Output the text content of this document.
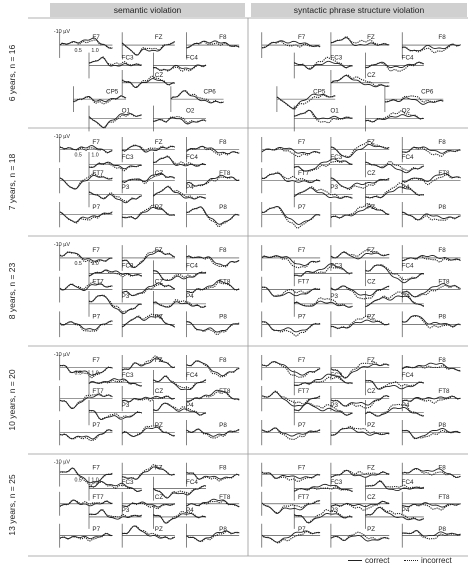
semantic violation	syntactic phrase structure violation
6 years, n = 16
7 years, n = 18
8 years, n = 23
10 years, n = 20
13 years, n = 25
F7
-10 µV
0.5 1.0
FZ	F8
FC3	FC4
CZ
CP5	CP6
O1	O2
F7	FZ	F8
FC3	FC4
CZ
CP5	CP6
O1	O2
F7
-10 µV
0.5 1.0
FZ	F8
FT7
FC3	FC4
FT8
P3
CZ
P4
P7	PZ	P8
F7	FZ	F8
FT7
FC3	FC4
FT8
P3
CZ
P4
P7	PZ	P8
F7
-10 µV
0.5 1.0
FZ	F8
FT7
FC3	FC4
FT8
P3
CZ
P4
P7	PZ	P8
F7	FZ	F8
FT7
FC3	FC4
FT8
P3
CZ
P4
P7	PZ	P8
F7
-10 µV
0.5 1.0
FZ	F8
FT7
FC3	FC4
FT8
P3
CZ
P4
P7	PZ	P8
F7	FZ	F8
FT7
FC3	FC4
FT8
P3
CZ
P4
P7	PZ	P8
F7
-10 µV
0.5 1.0
FZ	F8
FT7
FC3	FC4
FT8
P3
CZ
P4
P7	PZ	P8
F7	FZ	F8
FT7
FC3	FC4
FT8
P3
CZ
P4
P7	PZ	P8
correct	incorrect
